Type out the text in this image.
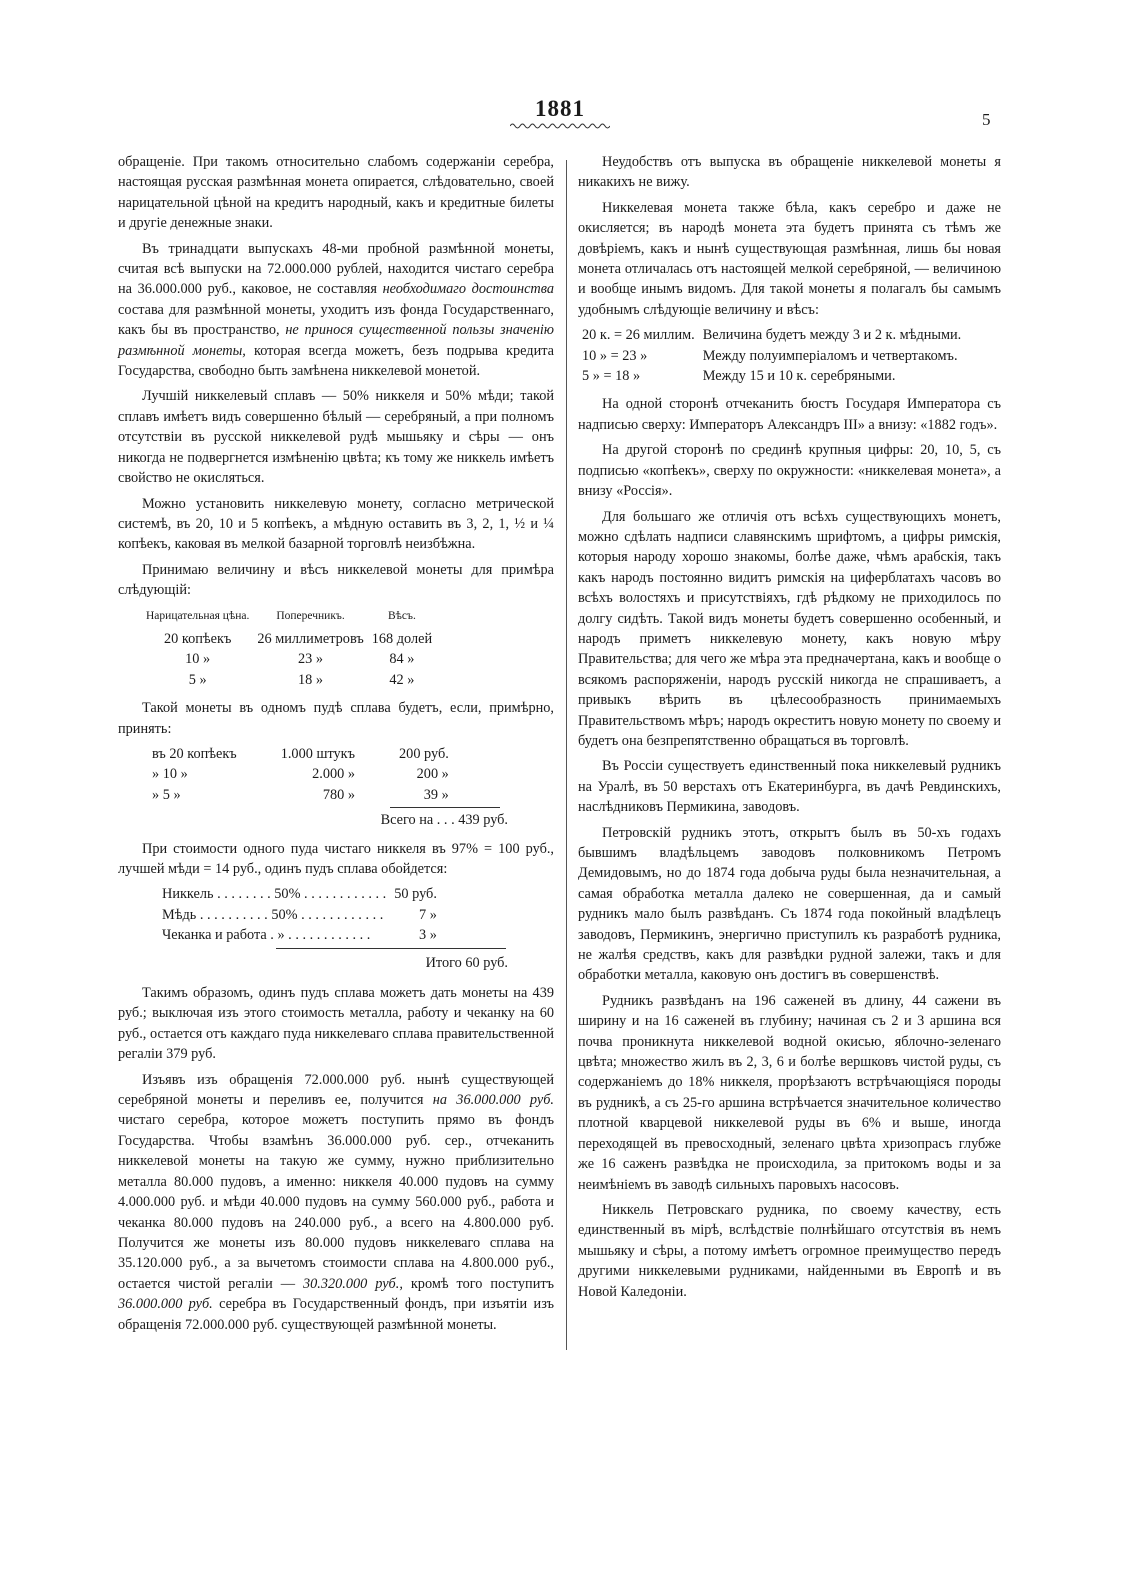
1881	5

обращеніе. При такомъ относительно слабомъ содержаніи серебра, настоящая русская размѣнная монета опирается, слѣдовательно, своей нарицательной цѣной на кредитъ народный, какъ и кредитные билеты и другіе денежные знаки.

Въ тринадцати выпускахъ 48-ми пробной размѣнной монеты, считая всѣ выпуски на 72.000.000 рублей, находится чистаго серебра на 36.000.000 руб., каковое, не составляя необходимаго достоинства состава для размѣнной монеты, уходитъ изъ фонда Государственнаго, какъ бы въ пространство, не принося существенной пользы значенію размѣнной монеты, которая всегда можетъ, безъ подрыва кредита Государства, свободно быть замѣнена никкелевой монетой.

Лучшій никкелевый сплавъ — 50% никкеля и 50% мѣди; такой сплавъ имѣетъ видъ совершенно бѣлый — серебряный, а при полномъ отсутствіи въ русской никкелевой рудѣ мышьяку и сѣры — онъ никогда не подвергнется измѣненію цвѣта; къ тому же никкель имѣетъ свойство не окисляться.

Можно установить никкелевую монету, согласно метрической системѣ, въ 20, 10 и 5 копѣекъ, а мѣдную оставить въ 3, 2, 1, ½ и ¼ копѣекъ, каковая въ мелкой базарной торговлѣ неизбѣжна.

Принимаю величину и вѣсъ никкелевой монеты для примѣра слѣдующій:

Нарицательная цѣна.	Поперечникъ.	Вѣсъ.
20 копѣекъ	26 миллиметровъ	168 долей
10 »	23 »	84 »
5 »	18 »	42 »

Такой монеты въ одномъ пудѣ сплава будетъ, если, примѣрно, принять:

въ 20 копѣекъ	1.000 штукъ	200 руб.
» 10 »	2.000 »	200 »
» 5 »	780 »	39 »
Всего на . . . 439 руб.

При стоимости одного пуда чистаго никкеля въ 97% = 100 руб., лучшей мѣди = 14 руб., одинъ пудъ сплава обойдется:

Никкель . . . . . . . . 50% . . . . . . . . . . . .	50 руб.
Мѣдь . . . . . . . . . . 50% . . . . . . . . . . . .	7 »
Чеканка и работа . » . . . . . . . . . . . .	3 »
Итого 60 руб.

Такимъ образомъ, одинъ пудъ сплава можетъ дать монеты на 439 руб.; выключая изъ этого стоимость металла, работу и чеканку на 60 руб., остается отъ каждаго пуда никкелеваго сплава правительственной регаліи 379 руб.

Изъявъ изъ обращенія 72.000.000 руб. нынѣ существующей серебряной монеты и переливъ ее, получится на 36.000.000 руб. чистаго серебра, которое можетъ поступить прямо въ фондъ Государства. Чтобы взамѣнъ 36.000.000 руб. сер., отчеканить никкелевой монеты на такую же сумму, нужно приблизительно металла 80.000 пудовъ, а именно: никкеля 40.000 пудовъ на сумму 4.000.000 руб. и мѣди 40.000 пудовъ на сумму 560.000 руб., работа и чеканка 80.000 пудовъ на 240.000 руб., а всего на 4.800.000 руб. Получится же монеты изъ 80.000 пудовъ никкелеваго сплава на 35.120.000 руб., а за вычетомъ стоимости сплава на 4.800.000 руб., остается чистой регаліи — 30.320.000 руб., кромѣ того поступитъ 36.000.000 руб. серебра въ Государственный фондъ, при изъятіи изъ обращенія 72.000.000 руб. существующей размѣнной монеты.

Неудобствъ отъ выпуска въ обращеніе никкелевой монеты я никакихъ не вижу.

Никкелевая монета также бѣла, какъ серебро и даже не окисляется; въ народѣ монета эта будетъ принята съ тѣмъ же довѣріемъ, какъ и нынѣ существующая размѣнная, лишь бы новая монета отличалась отъ настоящей мелкой серебряной, — величиною и вообще инымъ видомъ. Для такой монеты я полагалъ бы самымъ удобнымъ слѣдующіе величину и вѣсъ:

20 к. = 26 миллим.	Величина будетъ между 3 и 2 к. мѣдными.
10 » = 23 »	Между полуимперіаломъ и четвертакомъ.
5 » = 18 »	Между 15 и 10 к. серебряными.

На одной сторонѣ отчеканить бюстъ Государя Императора съ надписью сверху: Императоръ Александръ III» а внизу: «1882 годъ».

На другой сторонѣ по срединѣ крупныя цифры: 20, 10, 5, съ подписью «копѣекъ», сверху по окружности: «никкелевая монета», а внизу «Россія».

Для большаго же отличія отъ всѣхъ существующихъ монетъ, можно сдѣлать надписи славянскимъ шрифтомъ, а цифры римскія, которыя народу хорошо знакомы, болѣе даже, чѣмъ арабскія, такъ какъ народъ постоянно видитъ римскія на циферблатахъ часовъ во всѣхъ волостяхъ и присутствіяхъ, гдѣ рѣдкому не приходилось по долгу сидѣть. Такой видъ монеты будетъ совершенно особенный, и народъ приметъ никкелевую монету, какъ новую мѣру Правительства; для чего же мѣра эта предначертана, какъ и вообще о всякомъ распоряженіи, народъ русскій никогда не спрашиваетъ, а привыкъ вѣрить въ цѣлесообразность принимаемыхъ Правительствомъ мѣръ; народъ окреститъ новую монету по своему и будетъ она безпрепятственно обращаться въ торговлѣ.

Въ Россіи существуетъ единственный пока никкелевый рудникъ на Уралѣ, въ 50 верстахъ отъ Екатеринбурга, въ дачѣ Ревдинскихъ, наслѣдниковъ Пермикина, заводовъ.

Петровскій рудникъ этотъ, открытъ былъ въ 50-хъ годахъ бывшимъ владѣльцемъ заводовъ полковникомъ Петромъ Демидовымъ, но до 1874 года добыча руды была незначительная, а самая обработка металла далеко не совершенная, да и самый рудникъ мало былъ развѣданъ. Съ 1874 года покойный владѣлецъ заводовъ, Пермикинъ, энергично приступилъ къ разработѣ рудника, не жалѣя средствъ, какъ для развѣдки рудной залежи, такъ и для обработки металла, каковую онъ достигъ въ совершенствѣ.

Рудникъ развѣданъ на 196 саженей въ длину, 44 сажени въ ширину и на 16 саженей въ глубину; начиная съ 2 и 3 аршина вся почва проникнута никкелевой водной окисью, яблочно-зеленаго цвѣта; множество жилъ въ 2, 3, 6 и болѣе вершковъ чистой руды, съ содержаніемъ до 18% никкеля, прорѣзаютъ встрѣчающіяся породы въ рудникѣ, а съ 25-го аршина встрѣчается значительное количество плотной кварцевой никкелевой руды въ 6% и выше, иногда переходящей въ превосходный, зеленаго цвѣта хризопрасъ глубже же 16 саженъ развѣдка не происходила, за притокомъ воды и за неимѣніемъ въ заводѣ сильныхъ паровыхъ насосовъ.

Никкель Петровскаго рудника, по своему качеству, есть единственный въ мірѣ, вслѣдствіе полнѣйшаго отсутствія въ немъ мышьяку и сѣры, а потому имѣетъ огромное преимущество передъ другими никкелевыми рудниками, найденными въ Европѣ и въ Новой Каледоніи.
